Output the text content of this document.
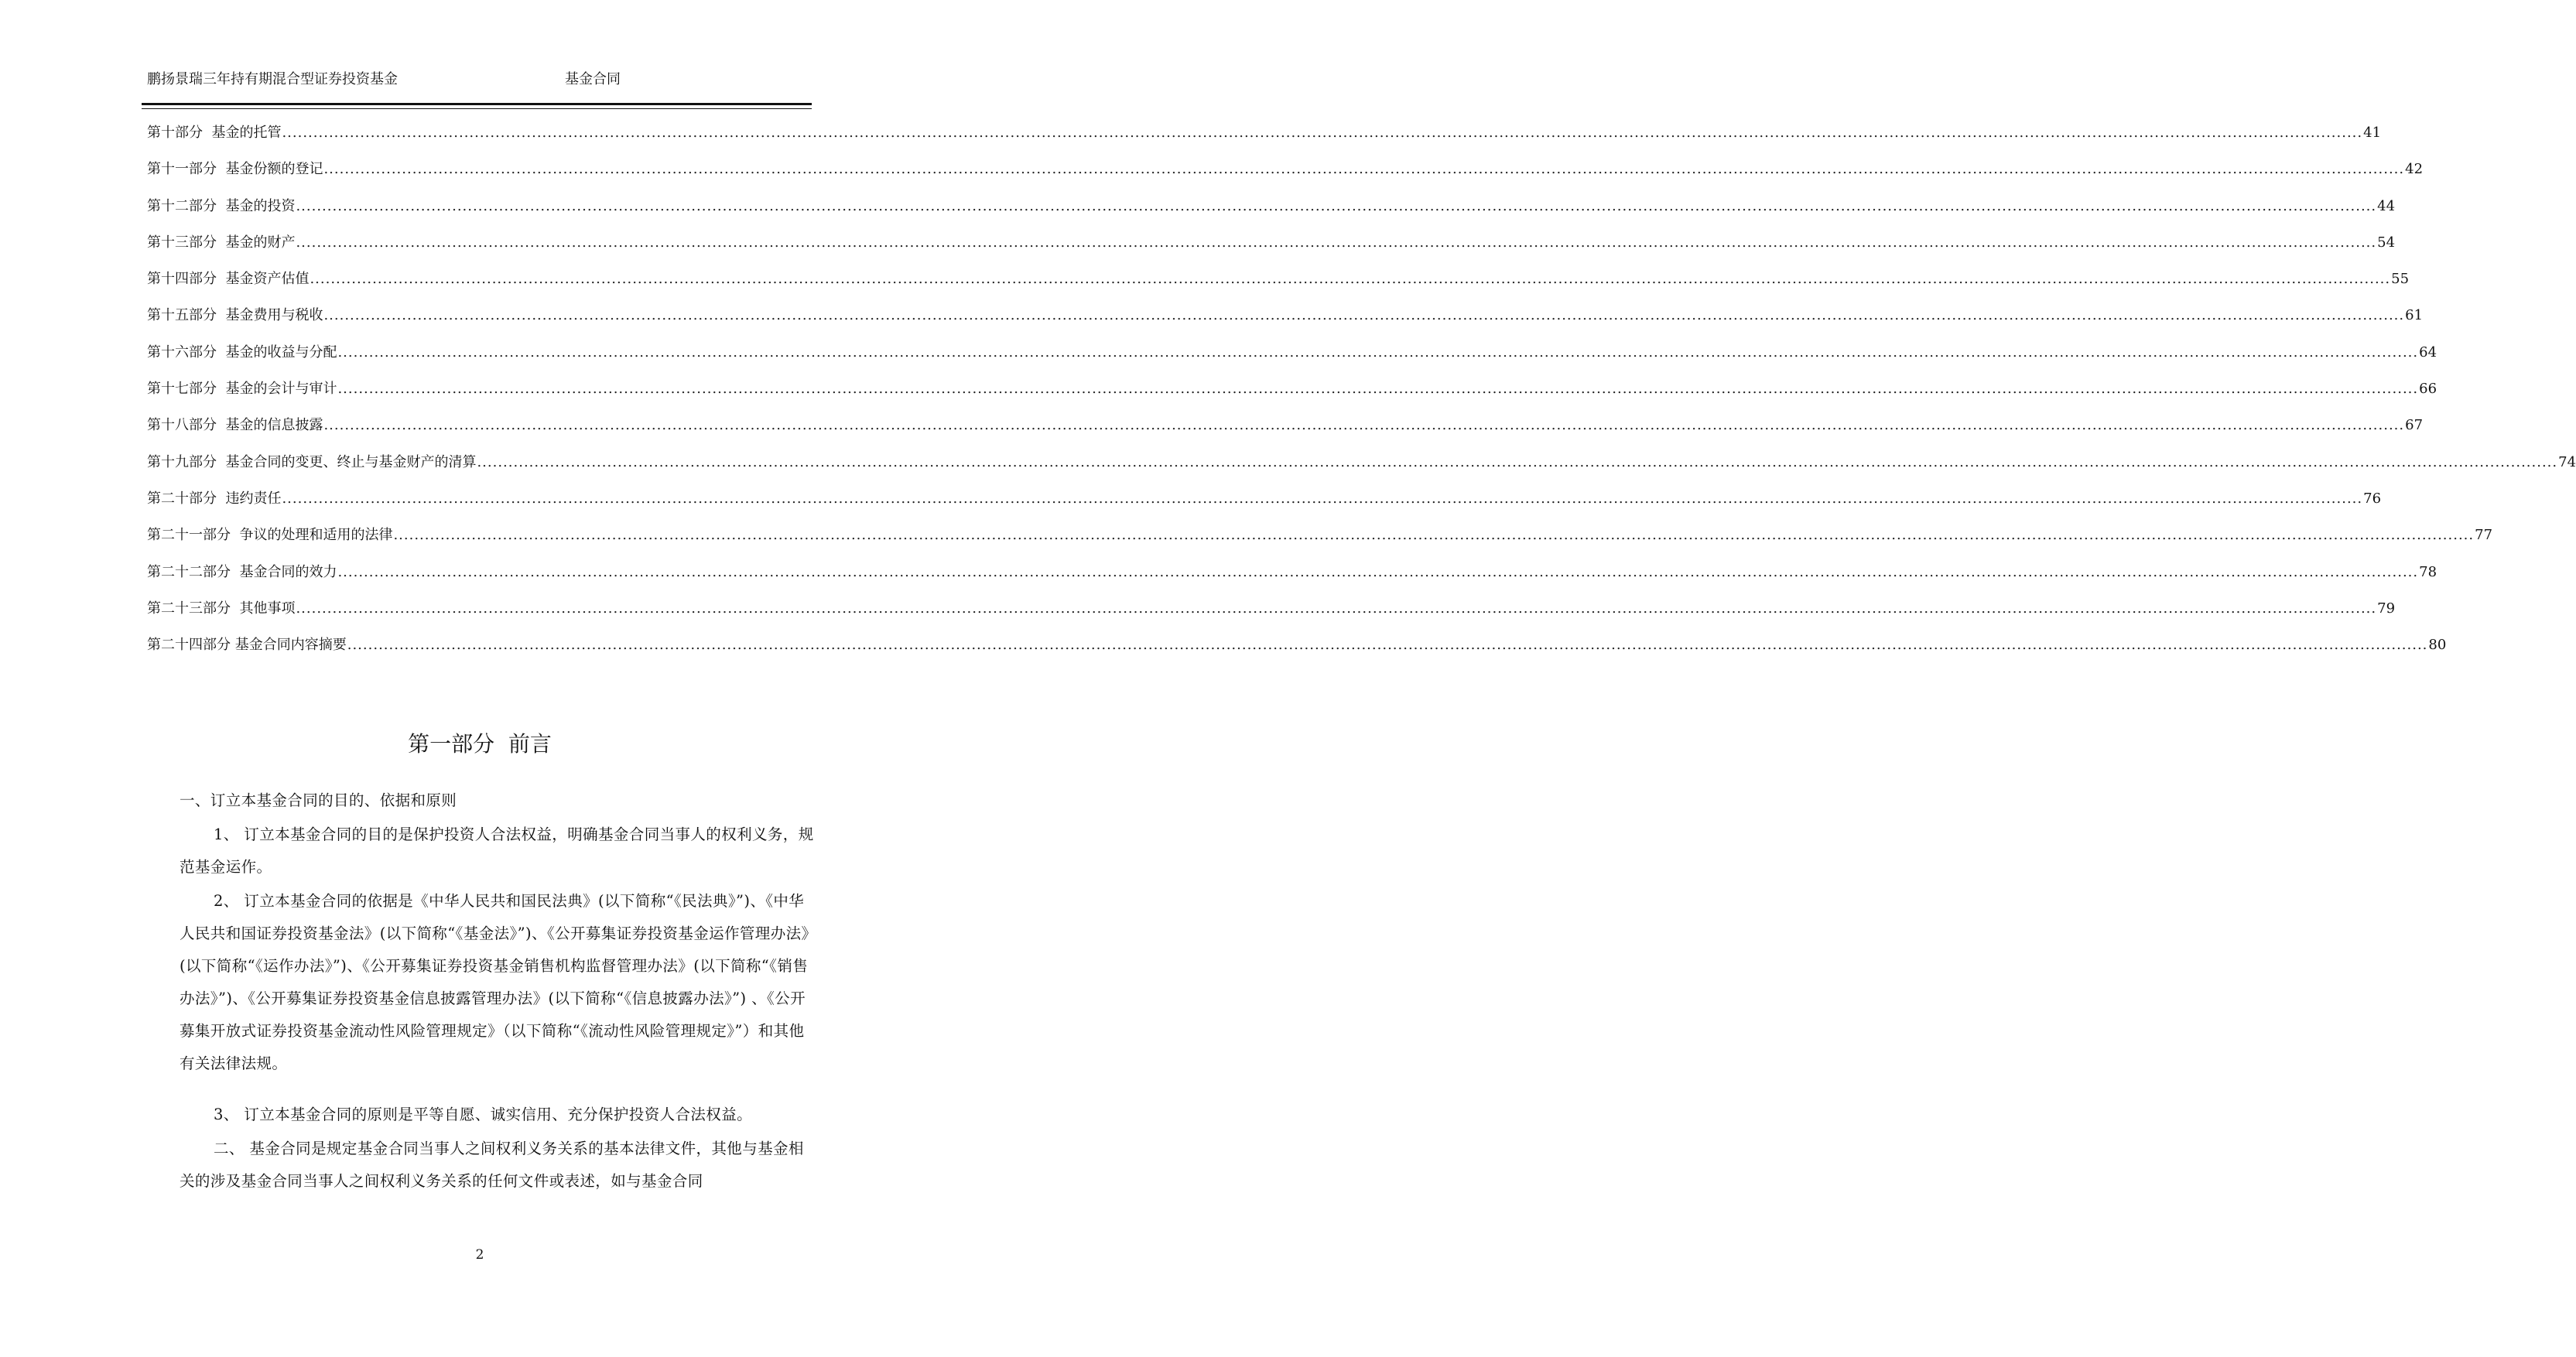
鹏扬景瑞三年持有期混合型证券投资基金	基金合同
第十部分  基金的托管 ................................................................................................................................................................................................................................................................................................................................................................................................................ 41
第十一部分  基金份额的登记 ................................................................................................................................................................................................................................................................................................................................................................................................................ 42
第十二部分  基金的投资 ................................................................................................................................................................................................................................................................................................................................................................................................................ 44
第十三部分  基金的财产 ................................................................................................................................................................................................................................................................................................................................................................................................................ 54
第十四部分  基金资产估值 ................................................................................................................................................................................................................................................................................................................................................................................................................ 55
第十五部分  基金费用与税收 ................................................................................................................................................................................................................................................................................................................................................................................................................ 61
第十六部分  基金的收益与分配 ................................................................................................................................................................................................................................................................................................................................................................................................................ 64
第十七部分  基金的会计与审计 ................................................................................................................................................................................................................................................................................................................................................................................................................ 66
第十八部分  基金的信息披露 ................................................................................................................................................................................................................................................................................................................................................................................................................ 67
第十九部分  基金合同的变更、终止与基金财产的清算 ................................................................................................................................................................................................................................................................................................................................................................................................................ 74
第二十部分  违约责任 ................................................................................................................................................................................................................................................................................................................................................................................................................ 76
第二十一部分  争议的处理和适用的法律 ................................................................................................................................................................................................................................................................................................................................................................................................................ 77
第二十二部分  基金合同的效力 ................................................................................................................................................................................................................................................................................................................................................................................................................ 78
第二十三部分  其他事项 ................................................................................................................................................................................................................................................................................................................................................................................................................ 79
第二十四部分 基金合同内容摘要 ................................................................................................................................................................................................................................................................................................................................................................................................................ 80
第一部分  前言
一、订立本基金合同的目的、依据和原则
1、 订立本基金合同的目的是保护投资人合法权益，明确基金合同当事人的权利义务，规范基金运作。
2、 订立本基金合同的依据是《中华人民共和国民法典》(以下简称“《民法典》”)、《中华人民共和国证券投资基金法》(以下简称“《基金法》”)、《公开募集证券投资基金运作管理办法》(以下简称“《运作办法》”)、《公开募集证券投资基金销售机构监督管理办法》(以下简称“《销售办法》”)、《公开募集证券投资基金信息披露管理办法》(以下简称“《信息披露办法》”) 、《公开募集开放式证券投资基金流动性风险管理规定》（以下简称“《流动性风险管理规定》”）和其他有关法律法规。
3、 订立本基金合同的原则是平等自愿、诚实信用、充分保护投资人合法权益。
二、 基金合同是规定基金合同当事人之间权利义务关系的基本法律文件，其他与基金相关的涉及基金合同当事人之间权利义务关系的任何文件或表述，如与基金合同
2
